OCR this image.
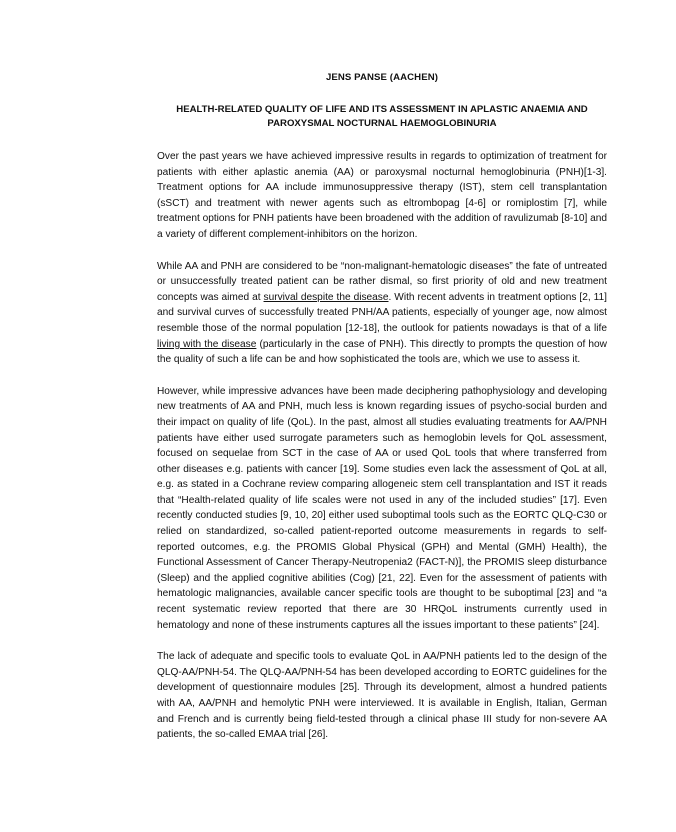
JENS PANSE (AACHEN)
HEALTH-RELATED QUALITY OF LIFE AND ITS ASSESSMENT IN APLASTIC ANAEMIA AND
PAROXYSMAL NOCTURNAL HAEMOGLOBINURIA

Over the past years we have achieved impressive results in regards to optimization of treatment for patients with either aplastic anemia (AA) or paroxysmal nocturnal hemoglobinuria (PNH)[1-3]. Treatment options for AA include immunosuppressive therapy (IST), stem cell transplantation (sSCT) and treatment with newer agents such as eltrombopag [4-6] or romiplostim [7], while treatment options for PNH patients have been broadened with the addition of ravulizumab [8-10] and a variety of different complement-inhibitors on the horizon.

While AA and PNH are considered to be “non-malignant-hematologic diseases” the fate of untreated or unsuccessfully treated patient can be rather dismal, so first priority of old and new treatment concepts was aimed at survival despite the disease. With recent advents in treatment options [2, 11] and survival curves of successfully treated PNH/AA patients, especially of younger age, now almost resemble those of the normal population [12-18], the outlook for patients nowadays is that of a life living with the disease (particularly in the case of PNH). This directly to prompts the question of how the quality of such a life can be and how sophisticated the tools are, which we use to assess it.

However, while impressive advances have been made deciphering pathophysiology and developing new treatments of AA and PNH, much less is known regarding issues of psycho-social burden and their impact on quality of life (QoL). In the past, almost all studies evaluating treatments for AA/PNH patients have either used surrogate parameters such as hemoglobin levels for QoL assessment, focused on sequelae from SCT in the case of AA or used QoL tools that where transferred from other diseases e.g. patients with cancer [19]. Some studies even lack the assessment of QoL at all, e.g. as stated in a Cochrane review comparing allogeneic stem cell transplantation and IST it reads that “Health-related quality of life scales were not used in any of the included studies” [17]. Even recently conducted studies [9, 10, 20] either used suboptimal tools such as the EORTC QLQ-C30 or relied on standardized, so-called patient-reported outcome measurements in regards to self-reported outcomes, e.g. the PROMIS Global Physical (GPH) and Mental (GMH) Health), the Functional Assessment of Cancer Therapy-Neutropenia2 (FACT-N)], the PROMIS sleep disturbance (Sleep) and the applied cognitive abilities (Cog) [21, 22]. Even for the assessment of patients with hematologic malignancies, available cancer specific tools are thought to be suboptimal [23] and “a recent systematic review reported that there are 30 HRQoL instruments currently used in hematology and none of these instruments captures all the issues important to these patients” [24].

The lack of adequate and specific tools to evaluate QoL in AA/PNH patients led to the design of the QLQ-AA/PNH-54. The QLQ-AA/PNH-54 has been developed according to EORTC guidelines for the development of questionnaire modules [25]. Through its development, almost a hundred patients with AA, AA/PNH and hemolytic PNH were interviewed. It is available in English, Italian, German and French and is currently being field-tested through a clinical phase III study for non-severe AA patients, the so-called EMAA trial [26].
